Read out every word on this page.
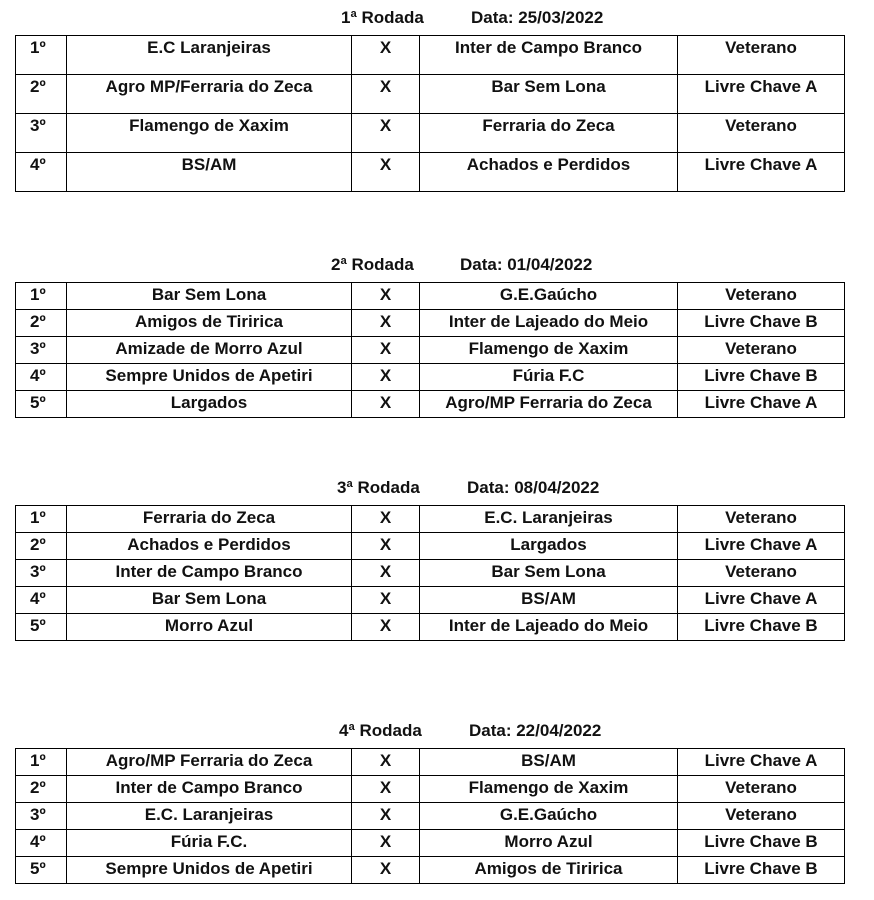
1ª Rodada	Data: 25/03/2022
1º	E.C Laranjeiras	X	Inter de Campo Branco	Veterano
2º	Agro MP/Ferraria do Zeca	X	Bar Sem Lona	Livre Chave A
3º	Flamengo de Xaxim	X	Ferraria do Zeca	Veterano
4º	BS/AM	X	Achados e Perdidos	Livre Chave A
2ª Rodada	Data: 01/04/2022
1º	Bar Sem Lona	X	G.E.Gaúcho	Veterano
2º	Amigos de Tiririca	X	Inter de Lajeado do Meio	Livre Chave B
3º	Amizade de Morro Azul	X	Flamengo de Xaxim	Veterano
4º	Sempre Unidos de Apetiri	X	Fúria F.C	Livre Chave B
5º	Largados	X	Agro/MP Ferraria do Zeca	Livre Chave A
3ª Rodada	Data: 08/04/2022
1º	Ferraria do Zeca	X	E.C. Laranjeiras	Veterano
2º	Achados e Perdidos	X	Largados	Livre Chave A
3º	Inter de Campo Branco	X	Bar Sem Lona	Veterano
4º	Bar Sem Lona	X	BS/AM	Livre Chave A
5º	Morro Azul	X	Inter de Lajeado do Meio	Livre Chave B
4ª Rodada	Data: 22/04/2022
1º	Agro/MP Ferraria do Zeca	X	BS/AM	Livre Chave A
2º	Inter de Campo Branco	X	Flamengo de Xaxim	Veterano
3º	E.C. Laranjeiras	X	G.E.Gaúcho	Veterano
4º	Fúria F.C.	X	Morro Azul	Livre Chave B
5º	Sempre Unidos de Apetiri	X	Amigos de Tiririca	Livre Chave B
